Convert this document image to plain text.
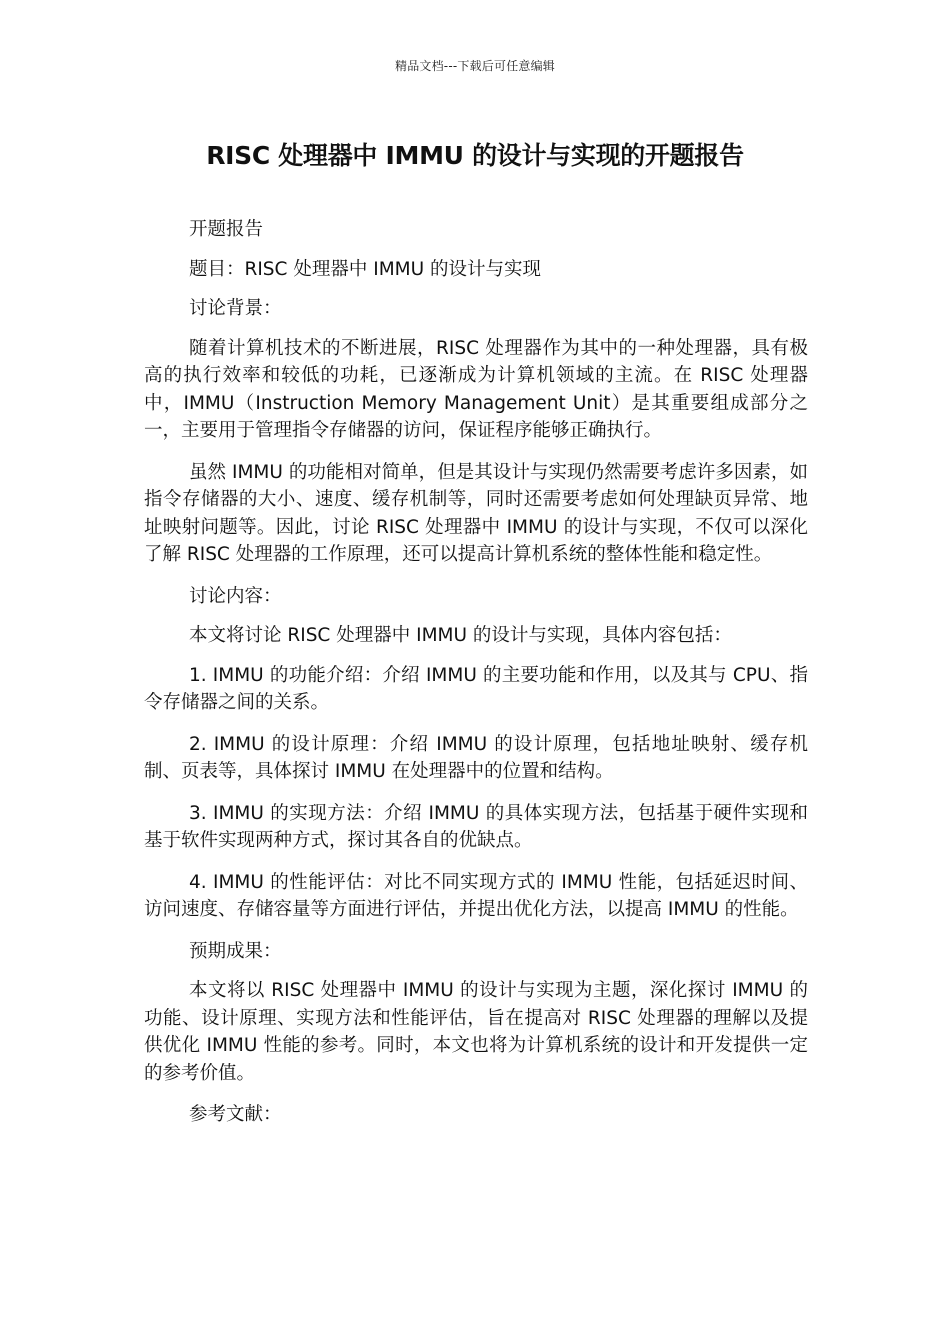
精品文档---下载后可任意编辑
RISC 处理器中 IMMU 的设计与实现的开题报告

开题报告

题目：RISC 处理器中 IMMU 的设计与实现

讨论背景：

随着计算机技术的不断进展，RISC 处理器作为其中的一种处理器，具有极高的执行效率和较低的功耗，已逐渐成为计算机领域的主流。在 RISC 处理器中，IMMU（Instruction Memory Management Unit）是其重要组成部分之一，主要用于管理指令存储器的访问，保证程序能够正确执行。

虽然 IMMU 的功能相对简单，但是其设计与实现仍然需要考虑许多因素，如指令存储器的大小、速度、缓存机制等，同时还需要考虑如何处理缺页异常、地址映射问题等。因此，讨论 RISC 处理器中 IMMU 的设计与实现，不仅可以深化了解 RISC 处理器的工作原理，还可以提高计算机系统的整体性能和稳定性。

讨论内容：

本文将讨论 RISC 处理器中 IMMU 的设计与实现，具体内容包括：

1. IMMU 的功能介绍：介绍 IMMU 的主要功能和作用，以及其与 CPU、指令存储器之间的关系。

2. IMMU 的设计原理：介绍 IMMU 的设计原理，包括地址映射、缓存机制、页表等，具体探讨 IMMU 在处理器中的位置和结构。

3. IMMU 的实现方法：介绍 IMMU 的具体实现方法，包括基于硬件实现和基于软件实现两种方式，探讨其各自的优缺点。

4. IMMU 的性能评估：对比不同实现方式的 IMMU 性能，包括延迟时间、访问速度、存储容量等方面进行评估，并提出优化方法，以提高 IMMU 的性能。

预期成果：

本文将以 RISC 处理器中 IMMU 的设计与实现为主题，深化探讨 IMMU 的功能、设计原理、实现方法和性能评估，旨在提高对 RISC 处理器的理解以及提供优化 IMMU 性能的参考。同时，本文也将为计算机系统的设计和开发提供一定的参考价值。

参考文献：
